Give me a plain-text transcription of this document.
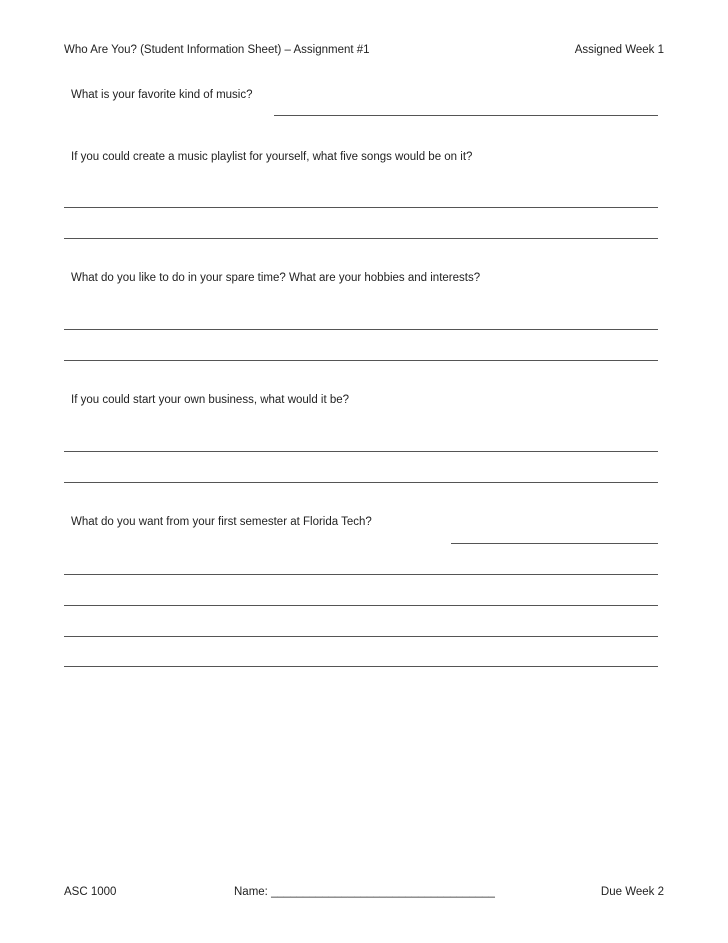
Who Are You? (Student Information Sheet) – Assignment #1	Assigned Week 1
What is your favorite kind of music?
If you could create a music playlist for yourself, what five songs would be on it?
What do you like to do in your spare time? What are your hobbies and interests?
If you could start your own business, what would it be?
What do you want from your first semester at Florida Tech?
ASC 1000	Name: ___________________________________	Due Week 2
